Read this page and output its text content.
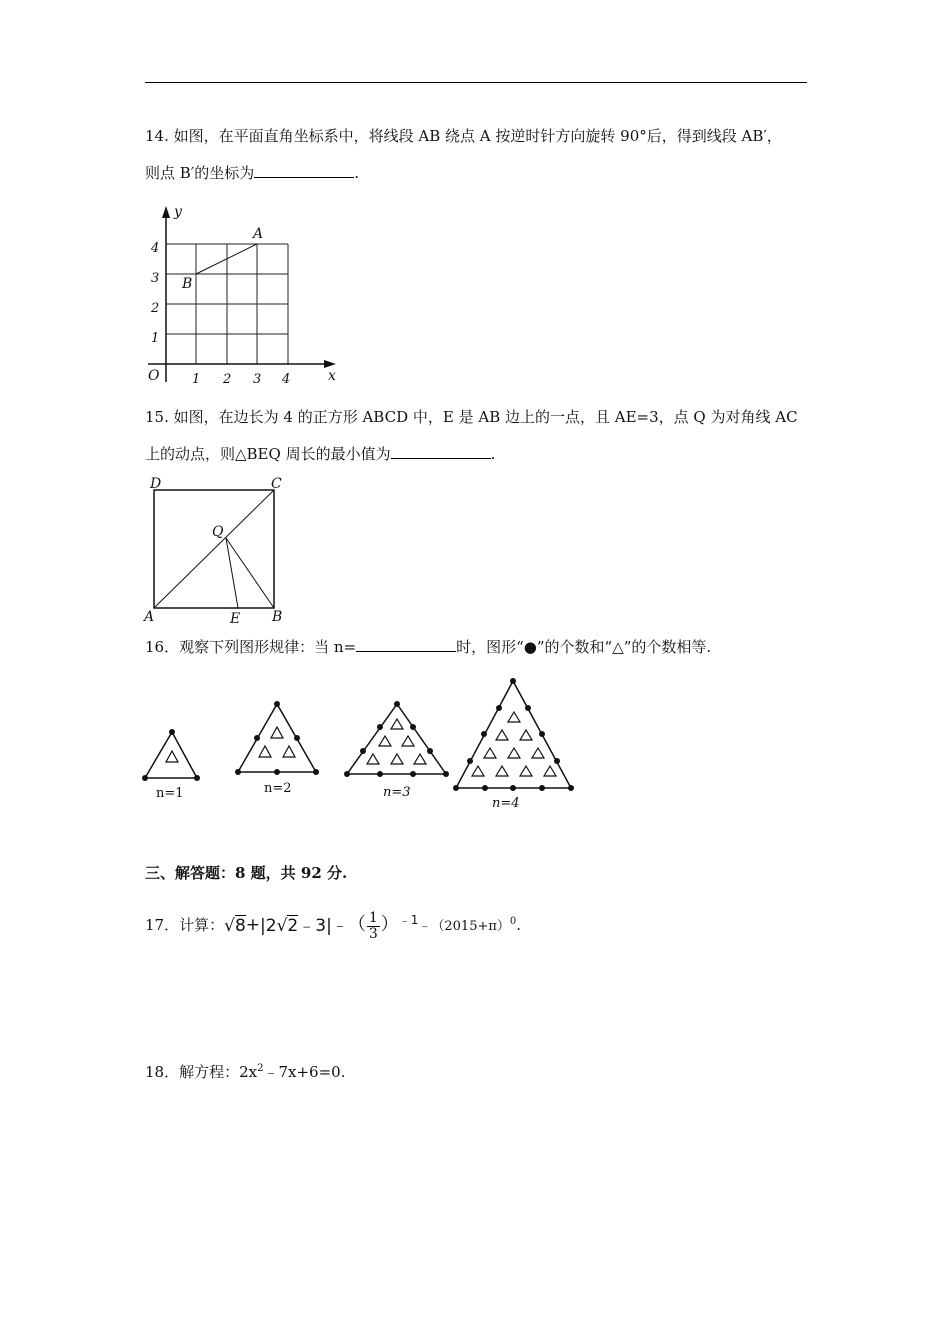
14. 如图，在平面直角坐标系中，将线段 AB 绕点 A 按逆时针方向旋转 90°后，得到线段 AB′，
则点 B′的坐标为	.
y
x
O	1 2 3 4
1
2
3
4
A
B
15. 如图，在边长为 4 的正方形 ABCD 中，E 是 AB 边上的一点，且 AE=3，点 Q 为对角线 AC
上的动点，则△BEQ 周长的最小值为	.
D	C
A	B
E
Q
16．观察下列图形规律：当 n=	时，图形“●”的个数和“△”的个数相等.
n=1	n=2	n=3
n=4
三、解答题：8 题，共 92 分.
17．计算：√8+|2√2﹣3|﹣（ $\frac{1}{3}$ ）$^{﹣1}﹣(2015+\pi)^0$.
18．解方程：$2x^2﹣7x+6=0$.
